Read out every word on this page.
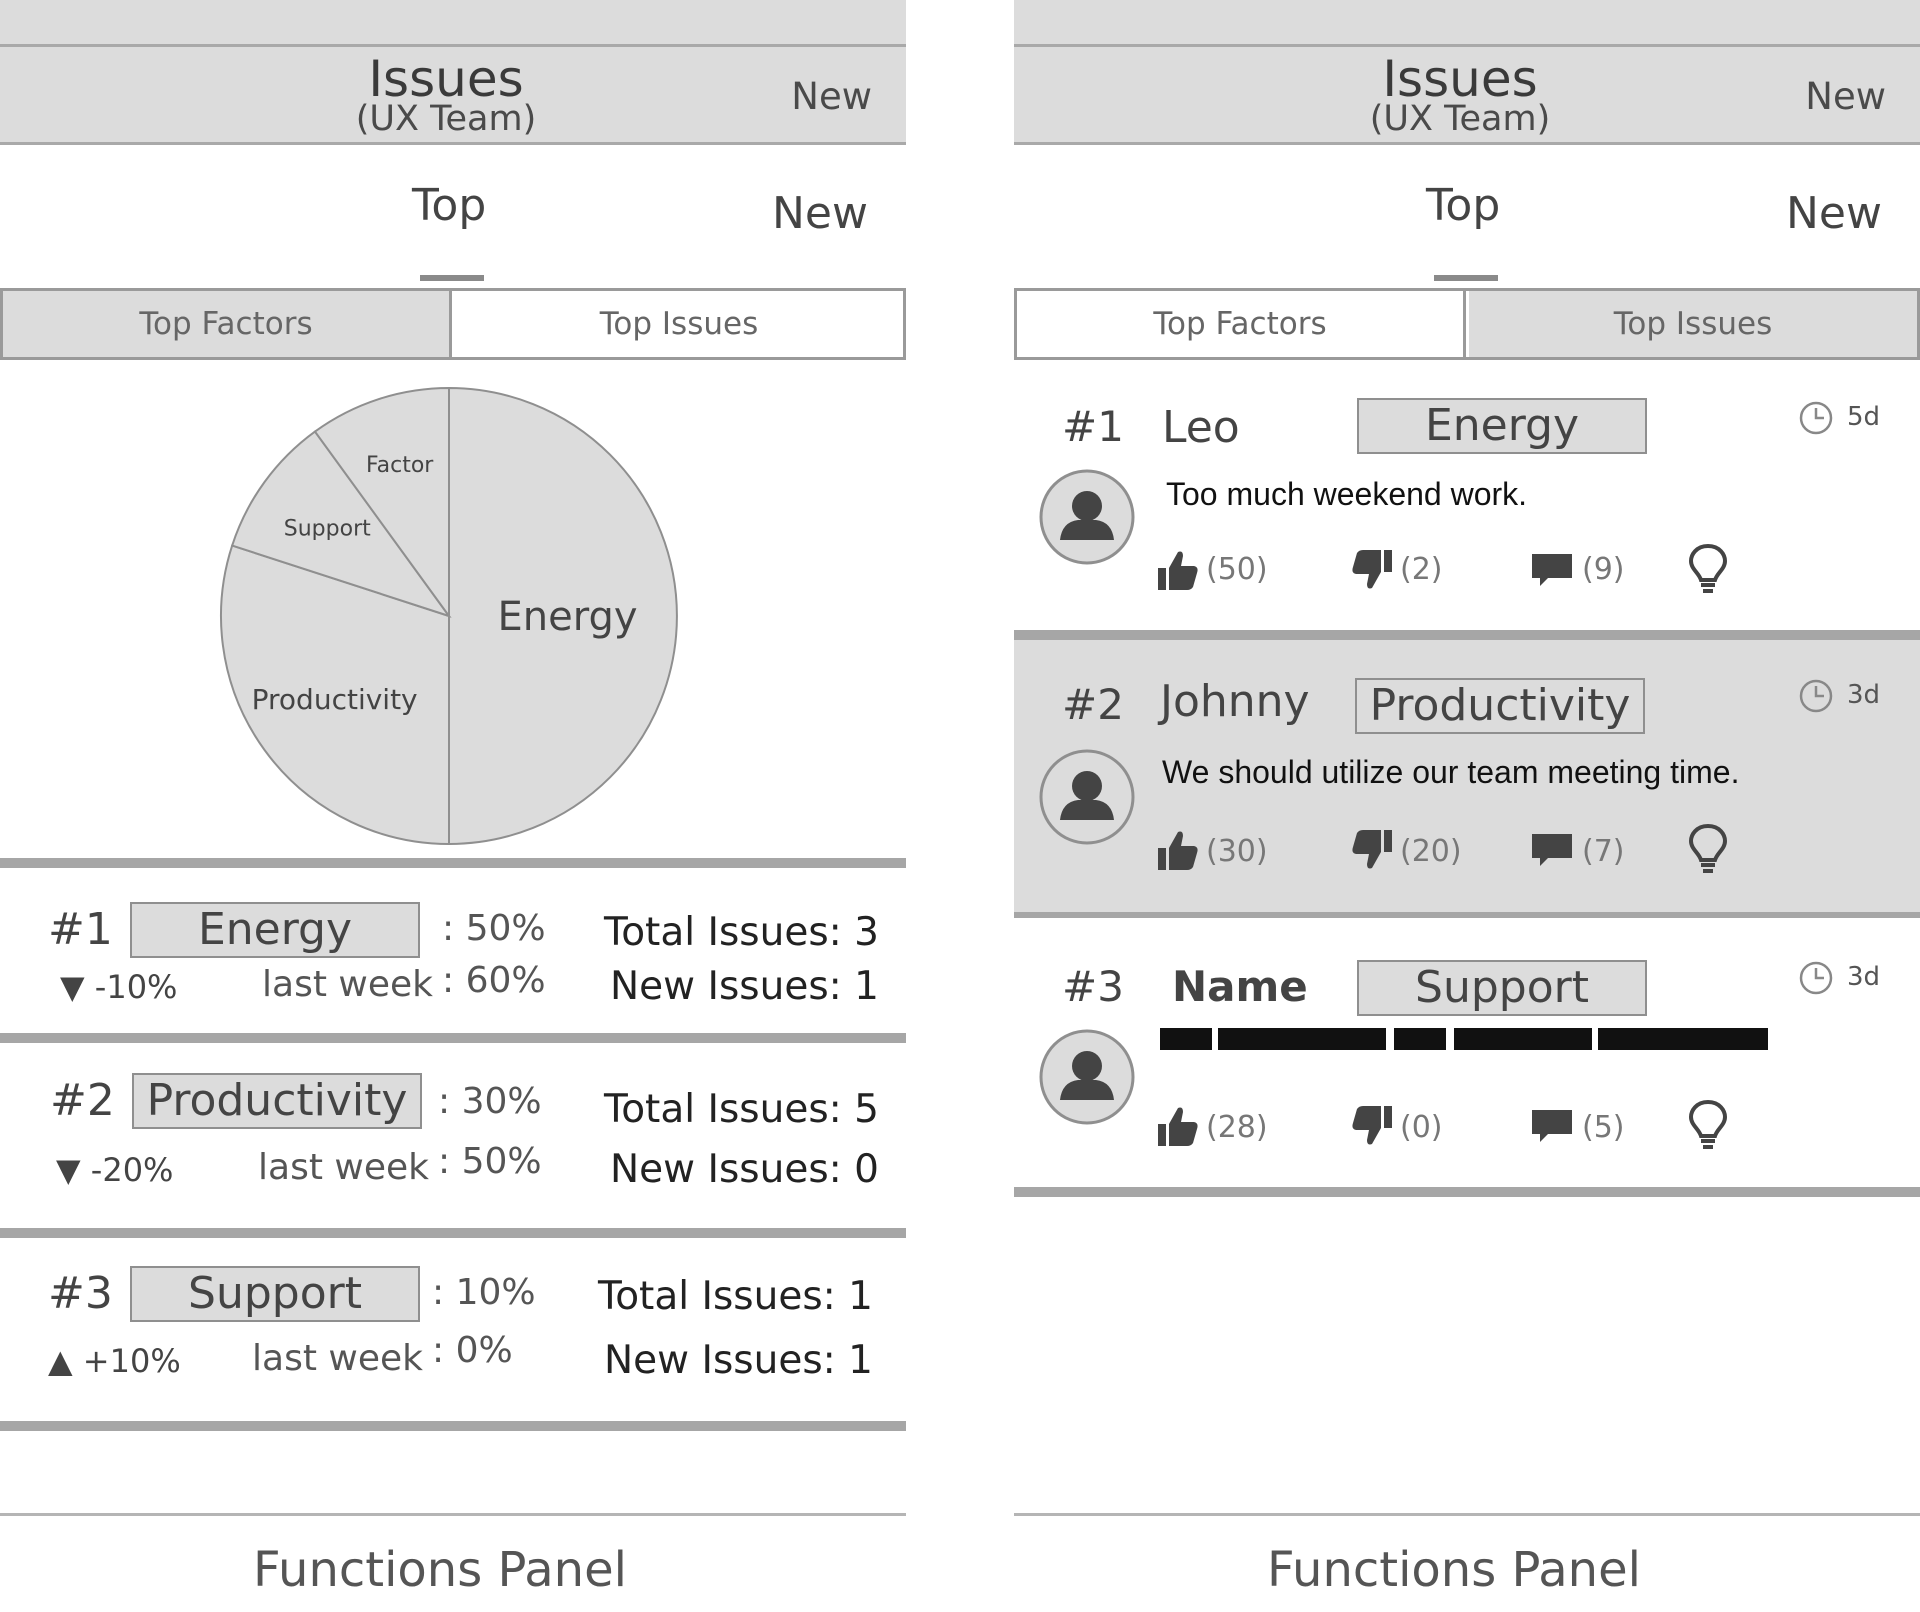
Issues
(UX Team)
New
Top	New
Top Factors	Top Issues
Energy
Productivity
Support
Factor
#1	Energy	: 50% Total Issues: 3
▼ -10% last week : 60% New Issues: 1
Functions Panel
#2 Productivity : 30% Total Issues: 5
▼ -20% last week : 50% New Issues: 0
#3	Support	: 10% Total Issues: 1
▲ +10% last week : 0% New Issues: 1
Issues
(UX Team)
New
Top	New
Top Factors	Top Issues
#1 Leo	Energy	5d
Too much weekend work.
(50)	(2)	(9)
#2 Johnny	Productivity	3d
We should utilize our team meeting time.
(30)	(20)	(7)
#3 Name	Support	3d
(28)	(0)	(5)
Functions Panel
